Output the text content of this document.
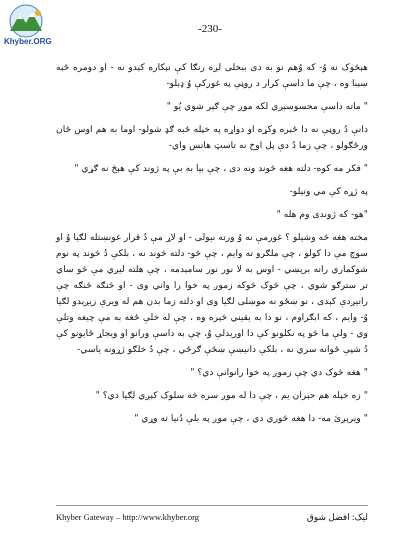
Khyber.ORG
-230-

هېڅوک نه وُ- که وُهم نو به دی ببخلی لږه رنګا کې نېکاره کېدو نه - او دومره ځېه ښېبا وه ، چې ما داسې کرار د روڼې په غورکې وُ ډېلو-

" ماته داسې محسوسېږي لکه موږ چې ګېر شوي يُو "

دانې دُ روڼې نه دا ځېره وکړه او دواړه په خپله ځبه ګډ شولو- اوما به هم اوس ځان ورځګولو ، چې زما دُ دې پل اوخ نه تاسټ هاتس واي-

" فکر مه کوه- دلته هغه څوند ونه دی ، چې بيا به بې په ژوند کې هېڅ نه ګړي "

په ژړه کې مي وتيلو-

"هو- که ژوندی وم هله "

مخته هغه څه وشيلو ؟ غورمې نه وُ ورته نيولی - او لاړ مې دُ قرار غونښتله لګيا وُ او سوچ مې دا کولو ، چې ملګرو ته وايم ، چې څو- دلته څوند نه ، بلکې دُ څوند په نوم شوکماري رانه برېښي - اوس به لا نور نور سامېدمه ، چې هلته ليږي مې څو ساي تر سترګو شوي ، چې څوک څوکه زموږ په خوا را واني وی - او څنګه څنګه چې رانيږدې کېدی ، نو ښځو نه موښلی لګيا وی او دلته زما بدن هم له ويرې زيږېدو لګيا وُ- وايم ، که ابګراوم ، نو دا به يقيني څېره وه ، چې له خلې ځغه به مې چيغه وتلې وي - ولې ما څو په نکلونو کې دا اوريدلې وُ، چې به داسې ورانو او ويجاړ ځايونو کې دُ شپې ځوانه سري نه ، بلکې دانيښې ښځې ګرځي ، چې دُ خلګو ژړونه ياسي-

" هغه څوک دي چې زموږ په خوا رانوانې دي؟ "

" زه خپله هم حېران يم ، چې دا له موږ سره څه سلوک کېږي لګيا دي؟ "

" ويرېږئ مه- دا هغه څوري دي ، چې موږ په بلې دُنيا ته وړي "

Khyber Gateway – http://www.khyber.org	ليک: افضل شوق
